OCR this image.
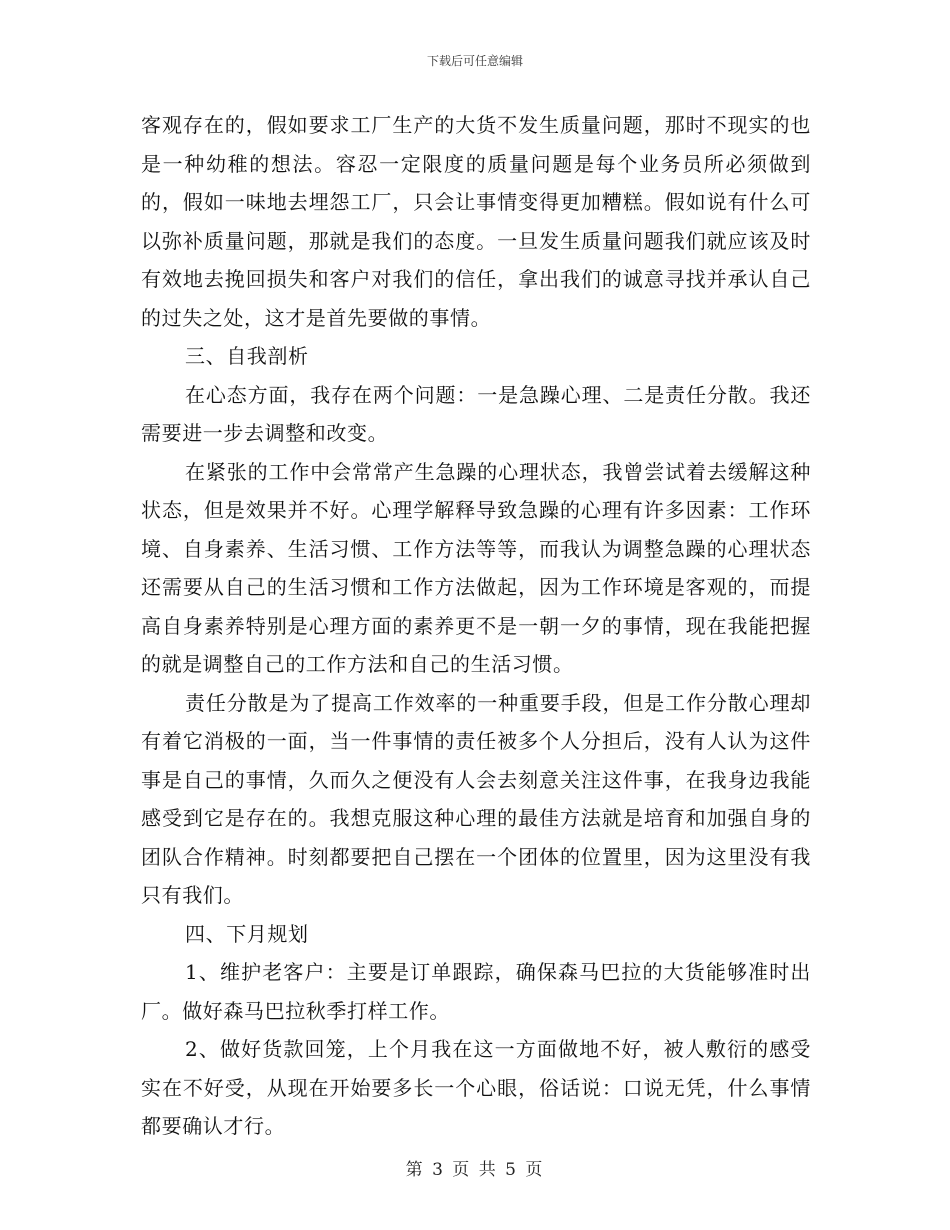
下载后可任意编辑

客观存在的，假如要求工厂生产的大货不发生质量问题，那时不现实的也是一种幼稚的想法。容忍一定限度的质量问题是每个业务员所必须做到的，假如一味地去埋怨工厂，只会让事情变得更加糟糕。假如说有什么可以弥补质量问题，那就是我们的态度。一旦发生质量问题我们就应该及时有效地去挽回损失和客户对我们的信任，拿出我们的诚意寻找并承认自己的过失之处，这才是首先要做的事情。

三、自我剖析

在心态方面，我存在两个问题：一是急躁心理、二是责任分散。我还需要进一步去调整和改变。

在紧张的工作中会常常产生急躁的心理状态，我曾尝试着去缓解这种状态，但是效果并不好。心理学解释导致急躁的心理有许多因素：工作环境、自身素养、生活习惯、工作方法等等，而我认为调整急躁的心理状态还需要从自己的生活习惯和工作方法做起，因为工作环境是客观的，而提高自身素养特别是心理方面的素养更不是一朝一夕的事情，现在我能把握的就是调整自己的工作方法和自己的生活习惯。

责任分散是为了提高工作效率的一种重要手段，但是工作分散心理却有着它消极的一面，当一件事情的责任被多个人分担后，没有人认为这件事是自己的事情，久而久之便没有人会去刻意关注这件事，在我身边我能感受到它是存在的。我想克服这种心理的最佳方法就是培育和加强自身的团队合作精神。时刻都要把自己摆在一个团体的位置里，因为这里没有我只有我们。

四、下月规划

1、维护老客户：主要是订单跟踪，确保森马巴拉的大货能够准时出厂。做好森马巴拉秋季打样工作。

2、做好货款回笼，上个月我在这一方面做地不好，被人敷衍的感受实在不好受，从现在开始要多长一个心眼，俗话说：口说无凭，什么事情都要确认才行。

第 3 页 共 5 页
